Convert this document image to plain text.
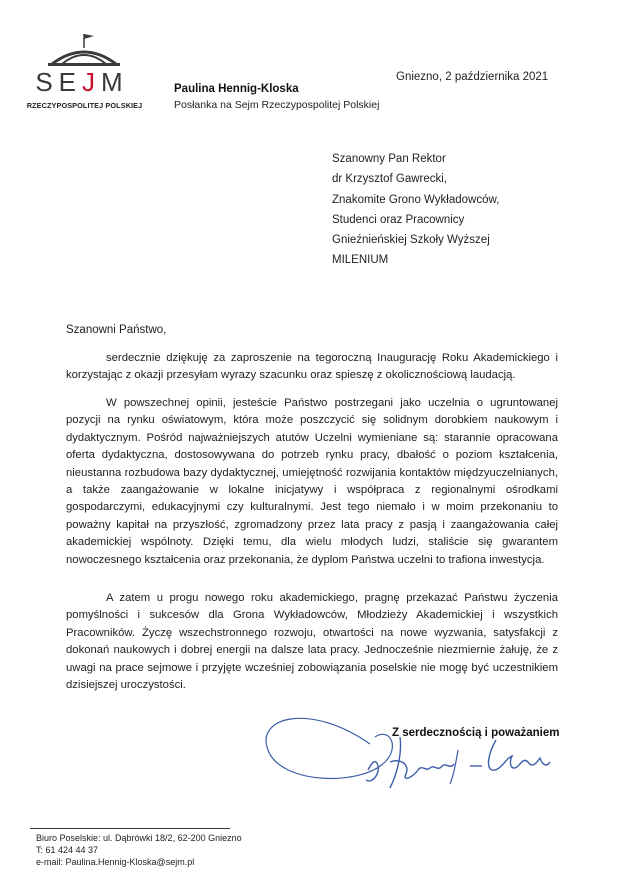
SEJM
RZECZYPOSPOLITEJ POLSKIEJ
Paulina Hennig-Kloska
Posłanka na Sejm Rzeczypospolitej Polskiej
Gniezno, 2 października 2021
Szanowny Pan Rektor
dr Krzysztof Gawrecki,
Znakomite Grono Wykładowców,
Studenci oraz Pracownicy
Gnieźnieńskiej Szkoły Wyższej
MILENIUM
Szanowni Państwo,

serdecznie dziękuję za zaproszenie na tegoroczną Inaugurację Roku Akademickiego i korzystając z okazji przesyłam wyrazy szacunku oraz spieszę z okolicznościową laudacją.

W powszechnej opinii, jesteście Państwo postrzegani jako uczelnia o ugruntowanej pozycji na rynku oświatowym, która może poszczycić się solidnym dorobkiem naukowym i dydaktycznym. Pośród najważniejszych atutów Uczelni wymieniane są: starannie opracowana oferta dydaktyczna, dostosowywana do potrzeb rynku pracy, dbałość o poziom kształcenia, nieustanna rozbudowa bazy dydaktycznej, umiejętność rozwijania kontaktów międzyuczelnianych, a także zaangażowanie w lokalne inicjatywy i współpraca z regionalnymi ośrodkami gospodarczymi, edukacyjnymi czy kulturalnymi. Jest tego niemało i w moim przekonaniu to poważny kapitał na przyszłość, zgromadzony przez lata pracy z pasją i zaangażowania całej akademickiej wspólnoty. Dzięki temu, dla wielu młodych ludzi, staliście się gwarantem nowoczesnego kształcenia oraz przekonania, że dyplom Państwa uczelni to trafiona inwestycja.

A zatem u progu nowego roku akademickiego, pragnę przekazać Państwu życzenia pomyślności i sukcesów dla Grona Wykładowców, Młodzieży Akademickiej i wszystkich Pracowników. Życzę wszechstronnego rozwoju, otwartości na nowe wyzwania, satysfakcji z dokonań naukowych i dobrej energii na dalsze lata pracy. Jednocześnie niezmiernie żałuję, że z uwagi na prace sejmowe i przyjęte wcześniej zobowiązania poselskie nie mogę być uczestnikiem dzisiejszej uroczystości.

Z serdecznością i poważaniem
Biuro Poselskie: ul. Dąbrówki 18/2, 62-200 Gniezno
T: 61 424 44 37
e-mail: Paulina.Hennig-Kloska@sejm.pl
